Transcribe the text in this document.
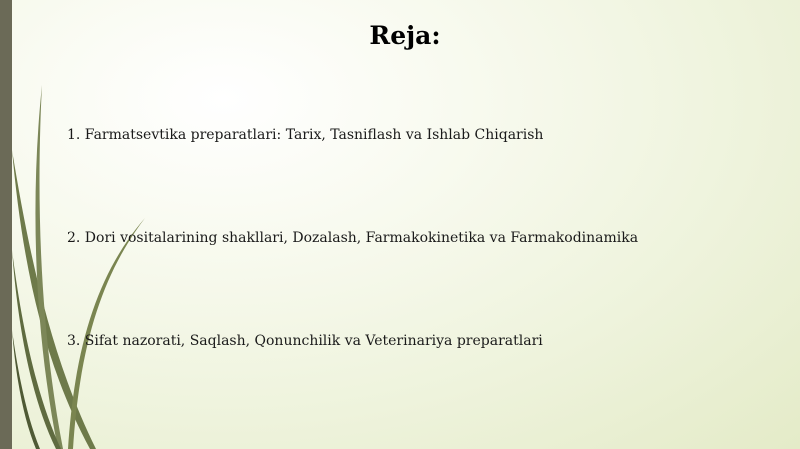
Reja:

1. Farmatsevtika preparatlari: Tarix, Tasniflash va Ishlab Chiqarish

2. Dori vositalarining shakllari, Dozalash, Farmakokinetika va Farmakodinamika

3. Sifat nazorati, Saqlash, Qonunchilik va Veterinariya preparatlari
